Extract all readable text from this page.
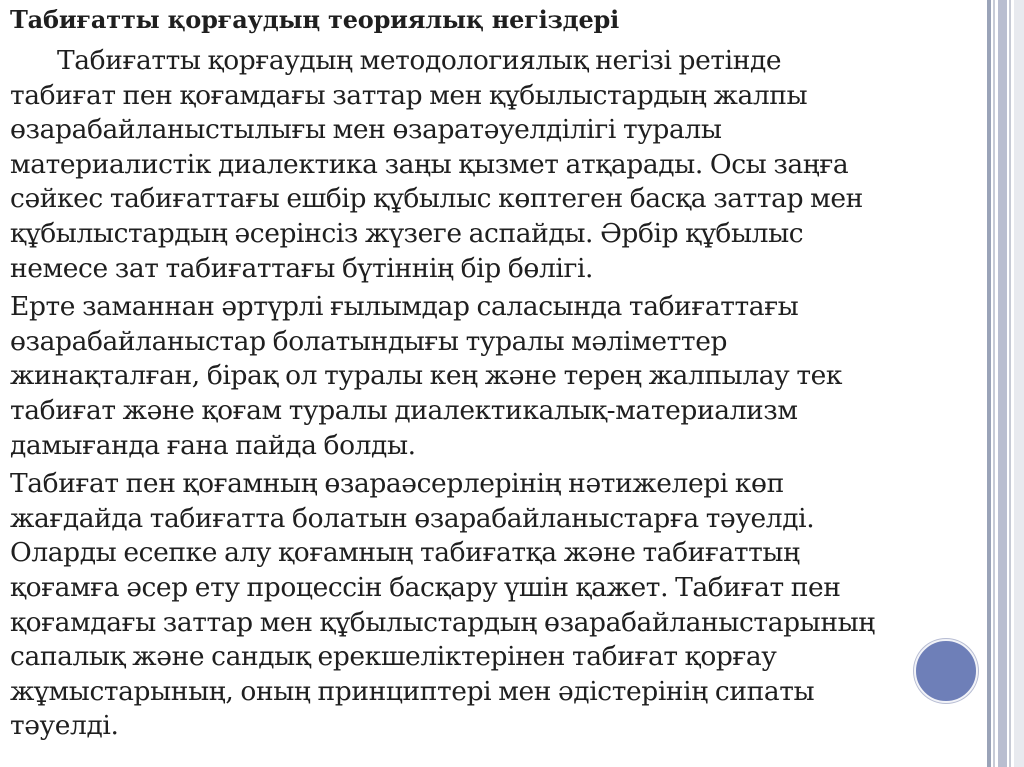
Табиғатты қорғаудың теориялық негіздері

Табиғатты қорғаудың методологиялық негізі ретінде
табиғат пен қоғамдағы заттар мен құбылыстардың жалпы
өзарабайланыстылығы мен өзаратәуелділігі туралы
материалистік диалектика заңы қызмет атқарады. Осы заңға
сәйкес табиғаттағы ешбір құбылыс көптеген басқа заттар мен
құбылыстардың әсерінсіз жүзеге аспайды. Әрбір құбылыс
немесе зат табиғаттағы бүтіннің бір бөлігі.

Ерте заманнан әртүрлі ғылымдар саласында табиғаттағы
өзарабайланыстар болатындығы туралы мәліметтер
жинақталған, бірақ ол туралы кең және терең жалпылау тек
табиғат және қоғам туралы диалектикалық-материализм
дамығанда ғана пайда болды.

Табиғат пен қоғамның өзараәсерлерінің нәтижелері көп
жағдайда табиғатта болатын өзарабайланыстарға тәуелді.
Оларды есепке алу қоғамның табиғатқа және табиғаттың
қоғамға әсер ету процессін басқару үшін қажет. Табиғат пен
қоғамдағы заттар мен құбылыстардың өзарабайланыстарының
сапалық және сандық ерекшеліктерінен табиғат қорғау
жұмыстарының, оның принциптері мен әдістерінің сипаты
тәуелді.
